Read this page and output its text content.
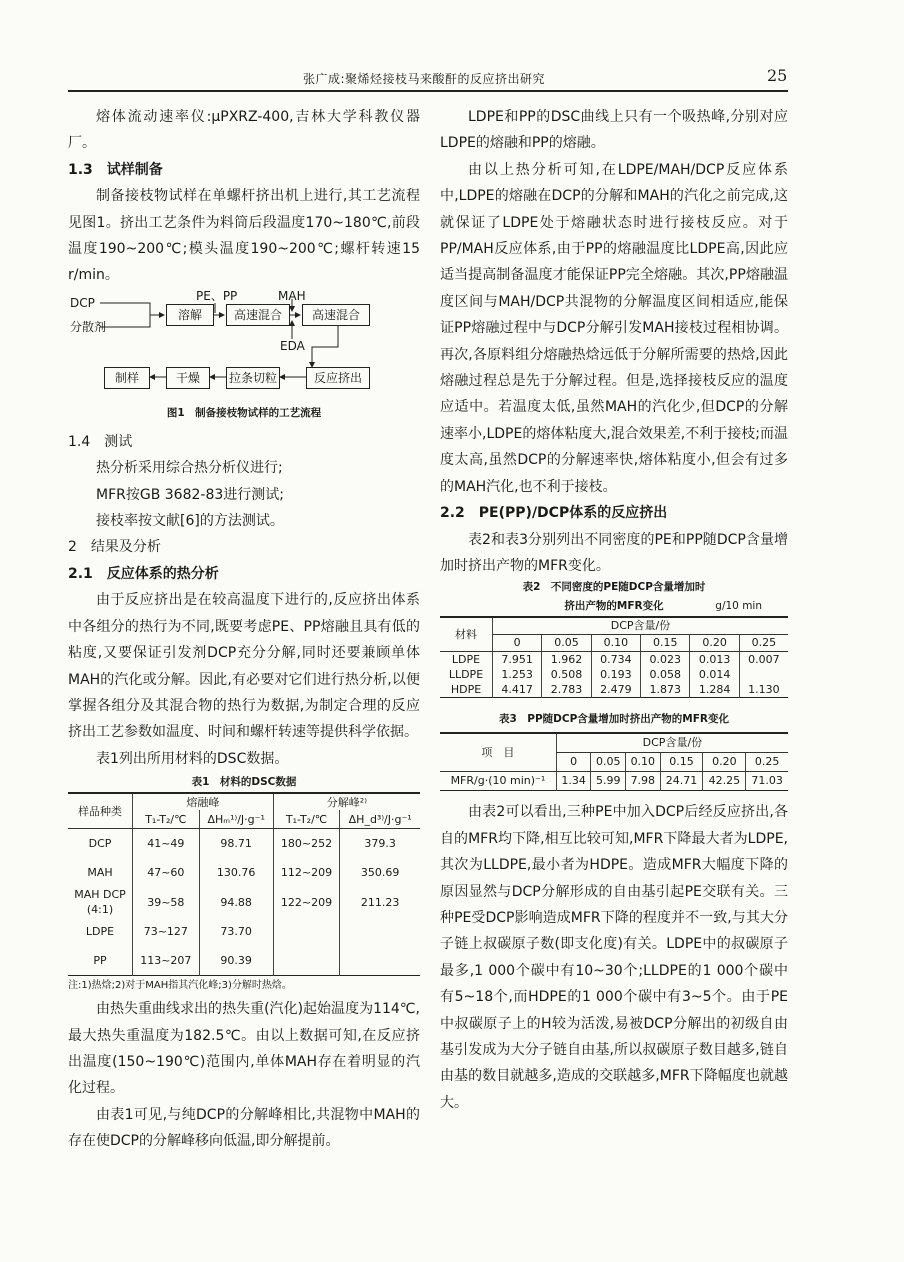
张广成:聚烯烃接枝马来酸酐的反应挤出研究	25

熔体流动速率仪:μPXRZ-400,吉林大学科教仪器厂。

1.3　试样制备

制备接枝物试样在单螺杆挤出机上进行,其工艺流程见图1。挤出工艺条件为料筒后段温度170~180℃,前段温度190~200℃;模头温度190~200℃;螺杆转速15 r/min。

DCP
分散剂
PE、PP	MAH
EDA
溶解	高速混合	高速混合
反应挤出
拉条切粒
干燥
制样
图1　制备接枝物试样的工艺流程

1.4　测试

热分析采用综合热分析仪进行;

MFR按GB 3682-83进行测试;

接枝率按文献[6]的方法测试。

2　结果及分析

2.1　反应体系的热分析

由于反应挤出是在较高温度下进行的,反应挤出体系中各组分的热行为不同,既要考虑PE、PP熔融且具有低的粘度,又要保证引发剂DCP充分分解,同时还要兼顾单体MAH的汽化或分解。因此,有必要对它们进行热分析,以便掌握各组分及其混合物的热行为数据,为制定合理的反应挤出工艺参数如温度、时间和螺杆转速等提供科学依据。

表1列出所用材料的DSC数据。

表1　材料的DSC数据
样品种类	熔融峰		分解峰²⁾	
	T₁-T₂/℃	ΔHₘ¹⁾/J·g⁻¹	T₁-T₂/℃	ΔH_d³⁾/J·g⁻¹
DCP	41~49	98.71	180~252	379.3
MAH	47~60	130.76	112~209	350.69
MAH DCP (4:1)	39~58	94.88	122~209	211.23
LDPE	73~127	73.70		
PP	113~207	90.39		
注:1)热焓;2)对于MAH指其汽化峰;3)分解时热焓。

由热失重曲线求出的热失重(汽化)起始温度为114℃,最大热失重温度为182.5℃。由以上数据可知,在反应挤出温度(150~190℃)范围内,单体MAH存在着明显的汽化过程。

由表1可见,与纯DCP的分解峰相比,共混物中MAH的存在使DCP的分解峰移向低温,即分解提前。

LDPE和PP的DSC曲线上只有一个吸热峰,分别对应LDPE的熔融和PP的熔融。

由以上热分析可知,在LDPE/MAH/DCP反应体系中,LDPE的熔融在DCP的分解和MAH的汽化之前完成,这就保证了LDPE处于熔融状态时进行接枝反应。对于PP/MAH反应体系,由于PP的熔融温度比LDPE高,因此应适当提高制备温度才能保证PP完全熔融。其次,PP熔融温度区间与MAH/DCP共混物的分解温度区间相适应,能保证PP熔融过程中与DCP分解引发MAH接枝过程相协调。再次,各原料组分熔融热焓远低于分解所需要的热焓,因此熔融过程总是先于分解过程。但是,选择接枝反应的温度应适中。若温度太低,虽然MAH的汽化少,但DCP的分解速率小,LDPE的熔体粘度大,混合效果差,不利于接枝;而温度太高,虽然DCP的分解速率快,熔体粘度小,但会有过多的MAH汽化,也不利于接枝。

2.2　PE(PP)/DCP体系的反应挤出

表2和表3分别列出不同密度的PE和PP随DCP含量增加时挤出产物的MFR变化。

表2　不同密度的PE随DCP含量增加时
挤出产物的MFR变化	g/10 min
材料	DCP含量/份					
	0	0.05	0.10	0.15	0.20	0.25
LDPE	7.951	1.962	0.734	0.023	0.013	0.007
LLDPE	1.253	0.508	0.193	0.058	0.014	
HDPE	4.417	2.783	2.479	1.873	1.284	1.130
表3　PP随DCP含量增加时挤出产物的MFR变化
项　目	DCP含量/份					
	0	0.05	0.10	0.15	0.20	0.25
MFR/g·(10 min)⁻¹	1.34	5.99	7.98	24.71	42.25	71.03

由表2可以看出,三种PE中加入DCP后经反应挤出,各自的MFR均下降,相互比较可知,MFR下降最大者为LDPE,其次为LLDPE,最小者为HDPE。造成MFR大幅度下降的原因显然与DCP分解形成的自由基引起PE交联有关。三种PE受DCP影响造成MFR下降的程度并不一致,与其大分子链上叔碳原子数(即支化度)有关。LDPE中的叔碳原子最多,1 000个碳中有10~30个;LLDPE的1 000个碳中有5~18个,而HDPE的1 000个碳中有3~5个。由于PE中叔碳原子上的H较为活泼,易被DCP分解出的初级自由基引发成为大分子链自由基,所以叔碳原子数目越多,链自由基的数目就越多,造成的交联越多,MFR下降幅度也就越大。
